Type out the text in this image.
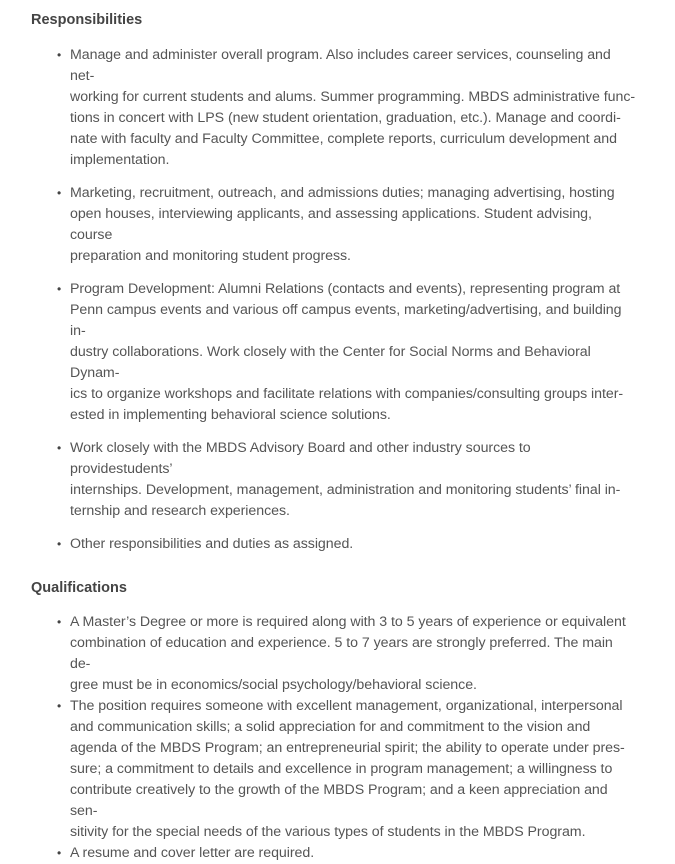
Responsibilities
• Manage and administer overall program. Also includes career services, counseling and net-
working for current students and alums. Summer programming. MBDS administrative func-
tions in concert with LPS (new student orientation, graduation, etc.). Manage and coordi-
nate with faculty and Faculty Committee, complete reports, curriculum development and
implementation.
• Marketing, recruitment, outreach, and admissions duties; managing advertising, hosting
open houses, interviewing applicants, and assessing applications. Student advising, course
preparation and monitoring student progress.
• Program Development: Alumni Relations (contacts and events), representing program at
Penn campus events and various off campus events, marketing/advertising, and building in-
dustry collaborations. Work closely with the Center for Social Norms and Behavioral Dynam-
ics to organize workshops and facilitate relations with companies/consulting groups inter-
ested in implementing behavioral science solutions.
• Work closely with the MBDS Advisory Board and other industry sources to providestudents’
internships. Development, management, administration and monitoring students’ final in-
ternship and research experiences.
• Other responsibilities and duties as assigned.
Qualifications
• A Master’s Degree or more is required along with 3 to 5 years of experience or equivalent
combination of education and experience. 5 to 7 years are strongly preferred. The main de-
gree must be in economics/social psychology/behavioral science.
• The position requires someone with excellent management, organizational, interpersonal
and communication skills; a solid appreciation for and commitment to the vision and
agenda of the MBDS Program; an entrepreneurial spirit; the ability to operate under pres-
sure; a commitment to details and excellence in program management; a willingness to
contribute creatively to the growth of the MBDS Program; and a keen appreciation and sen-
sitivity for the special needs of the various types of students in the MBDS Program.
• A resume and cover letter are required.
